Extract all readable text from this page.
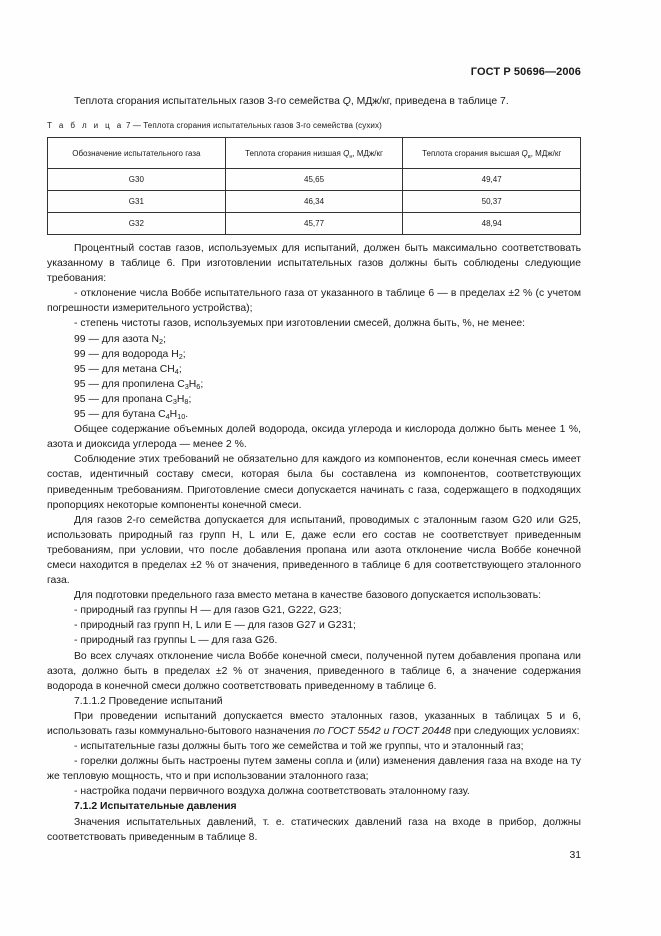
ГОСТ Р 50696—2006

Теплота сгорания испытательных газов 3-го семейства Q, МДж/кг, приведена в таблице 7.

Т а б л и ц а 7 — Теплота сгорания испытательных газов 3-го семейства (сухих)
Обозначение испытательного газа	Теплота сгорания низшая $Q_н$, МДж/кг	Теплота сгорания высшая $Q_в$, МДж/кг
G30	45,65	49,47
G31	46,34	50,37
G32	45,77	48,94

Процентный состав газов, используемых для испытаний, должен быть максимально соответствовать указанному в таблице 6. При изготовлении испытательных газов должны быть соблюдены следующие требования:

- отклонение числа Воббе испытательного газа от указанного в таблице 6 — в пределах ±2 % (с учетом погрешности измерительного устройства);

- степень чистоты газов, используемых при изготовлении смесей, должна быть, %, не менее:

99 — для азота $N_2$;

99 — для водорода $H_2$;

95 — для метана $CH_4$;

95 — для пропилена $C_3H_6$;

95 — для пропана $C_3H_8$;

95 — для бутана $C_4H_{10}$.

Общее содержание объемных долей водорода, оксида углерода и кислорода должно быть менее 1 %, азота и диоксида углерода — менее 2 %.

Соблюдение этих требований не обязательно для каждого из компонентов, если конечная смесь имеет состав, идентичный составу смеси, которая была бы составлена из компонентов, соответствующих приведенным требованиям. Приготовление смеси допускается начинать с газа, содержащего в подходящих пропорциях некоторые компоненты конечной смеси.

Для газов 2-го семейства допускается для испытаний, проводимых с эталонным газом G20 или G25, использовать природный газ групп H, L или E, даже если его состав не соответствует приведенным требованиям, при условии, что после добавления пропана или азота отклонение числа Воббе конечной смеси находится в пределах ±2 % от значения, приведенного в таблице 6 для соответствующего эталонного газа.

Для подготовки предельного газа вместо метана в качестве базового допускается использовать:

- природный газ группы H — для газов G21, G222, G23;

- природный газ групп H, L или E — для газов G27 и G231;

- природный газ группы L — для газа G26.

Во всех случаях отклонение числа Воббе конечной смеси, полученной путем добавления пропана или азота, должно быть в пределах ±2 % от значения, приведенного в таблице 6, а значение содержания водорода в конечной смеси должно соответствовать приведенному в таблице 6.

7.1.1.2 Проведение испытаний

При проведении испытаний допускается вместо эталонных газов, указанных в таблицах 5 и 6, использовать газы коммунально-бытового назначения по ГОСТ 5542 и ГОСТ 20448 при следующих условиях:

- испытательные газы должны быть того же семейства и той же группы, что и эталонный газ;

- горелки должны быть настроены путем замены сопла и (или) изменения давления газа на входе на ту же тепловую мощность, что и при использовании эталонного газа;

- настройка подачи первичного воздуха должна соответствовать эталонному газу.

7.1.2 Испытательные давления

Значения испытательных давлений, т. е. статических давлений газа на входе в прибор, должны соответствовать приведенным в таблице 8.

31
